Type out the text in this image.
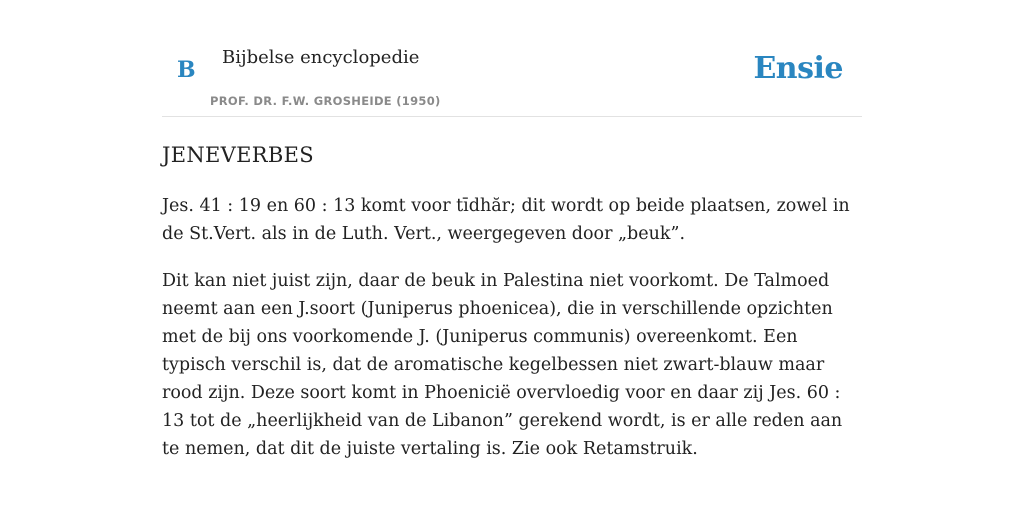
B Bijbelse encyclopedie
PROF. DR. F.W. GROSHEIDE (1950)
Ensie
JENEVERBES

Jes. 41 : 19 en 60 : 13 komt voor tīdhăr; dit wordt op beide plaatsen, zowel in de St.Vert. als in de Luth. Vert., weergegeven door „beuk”.

Dit kan niet juist zijn, daar de beuk in Palestina niet voorkomt. De Talmoed neemt aan een J.soort (Juniperus phoenicea), die in verschillende opzichten met de bij ons voorkomende J. (Juniperus communis) overeenkomt. Een typisch verschil is, dat de aromatische kegelbessen niet zwart-blauw maar rood zijn. Deze soort komt in Phoenicië overvloedig voor en daar zij Jes. 60 : 13 tot de „heerlijkheid van de Libanon” gerekend wordt, is er alle reden aan te nemen, dat dit de juiste vertaling is. Zie ook Retamstruik.
